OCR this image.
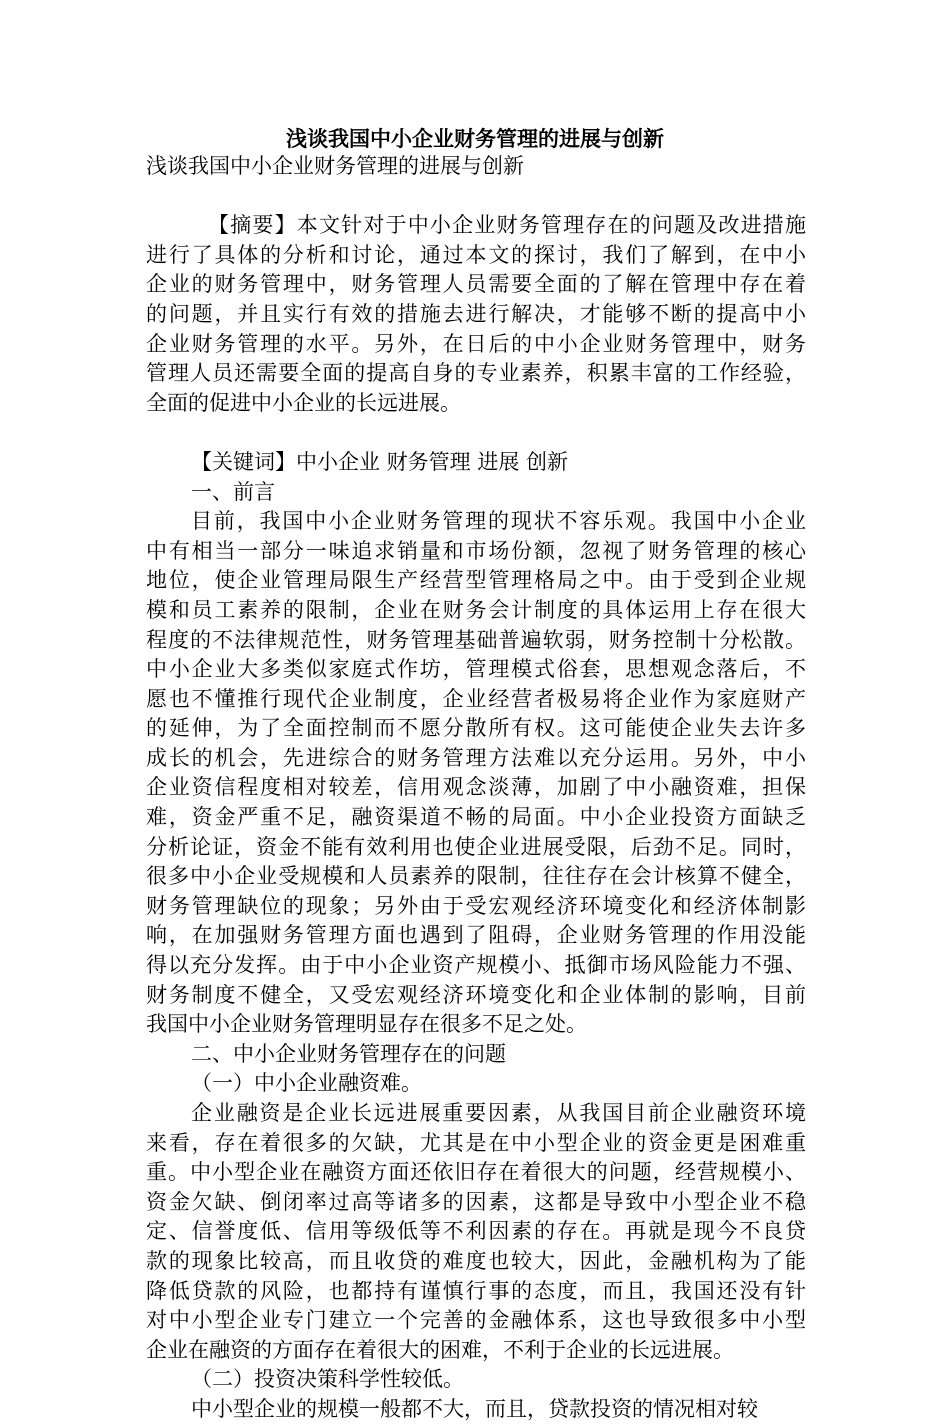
浅谈我国中小企业财务管理的进展与创新
浅谈我国中小企业财务管理的进展与创新
【摘要】本文针对于中小企业财务管理存在的问题及改进措施
进行了具体的分析和讨论，通过本文的探讨，我们了解到，在中小
企业的财务管理中，财务管理人员需要全面的了解在管理中存在着
的问题，并且实行有效的措施去进行解决，才能够不断的提高中小
企业财务管理的水平。另外，在日后的中小企业财务管理中，财务
管理人员还需要全面的提高自身的专业素养，积累丰富的工作经验，
全面的促进中小企业的长远进展。
【关键词】中小企业 财务管理 进展 创新
一、前言
目前，我国中小企业财务管理的现状不容乐观。我国中小企业
中有相当一部分一味追求销量和市场份额，忽视了财务管理的核心
地位，使企业管理局限生产经营型管理格局之中。由于受到企业规
模和员工素养的限制，企业在财务会计制度的具体运用上存在很大
程度的不法律规范性，财务管理基础普遍软弱，财务控制十分松散。
中小企业大多类似家庭式作坊，管理模式俗套，思想观念落后，不
愿也不懂推行现代企业制度，企业经营者极易将企业作为家庭财产
的延伸，为了全面控制而不愿分散所有权。这可能使企业失去许多
成长的机会，先进综合的财务管理方法难以充分运用。另外，中小
企业资信程度相对较差，信用观念淡薄，加剧了中小融资难，担保
难，资金严重不足，融资渠道不畅的局面。中小企业投资方面缺乏
分析论证，资金不能有效利用也使企业进展受限，后劲不足。同时，
很多中小企业受规模和人员素养的限制，往往存在会计核算不健全，
财务管理缺位的现象；另外由于受宏观经济环境变化和经济体制影
响，在加强财务管理方面也遇到了阻碍，企业财务管理的作用没能
得以充分发挥。由于中小企业资产规模小、抵御市场风险能力不强、
财务制度不健全，又受宏观经济环境变化和企业体制的影响，目前
我国中小企业财务管理明显存在很多不足之处。
二、中小企业财务管理存在的问题
（一）中小企业融资难。
企业融资是企业长远进展重要因素，从我国目前企业融资环境
来看，存在着很多的欠缺，尤其是在中小型企业的资金更是困难重
重。中小型企业在融资方面还依旧存在着很大的问题，经营规模小、
资金欠缺、倒闭率过高等诸多的因素，这都是导致中小型企业不稳
定、信誉度低、信用等级低等不利因素的存在。再就是现今不良贷
款的现象比较高，而且收贷的难度也较大，因此，金融机构为了能
降低贷款的风险，也都持有谨慎行事的态度，而且，我国还没有针
对中小型企业专门建立一个完善的金融体系，这也导致很多中小型
企业在融资的方面存在着很大的困难，不利于企业的长远进展。
（二）投资决策科学性较低。
中小型企业的规模一般都不大，而且，贷款投资的情况相对较
